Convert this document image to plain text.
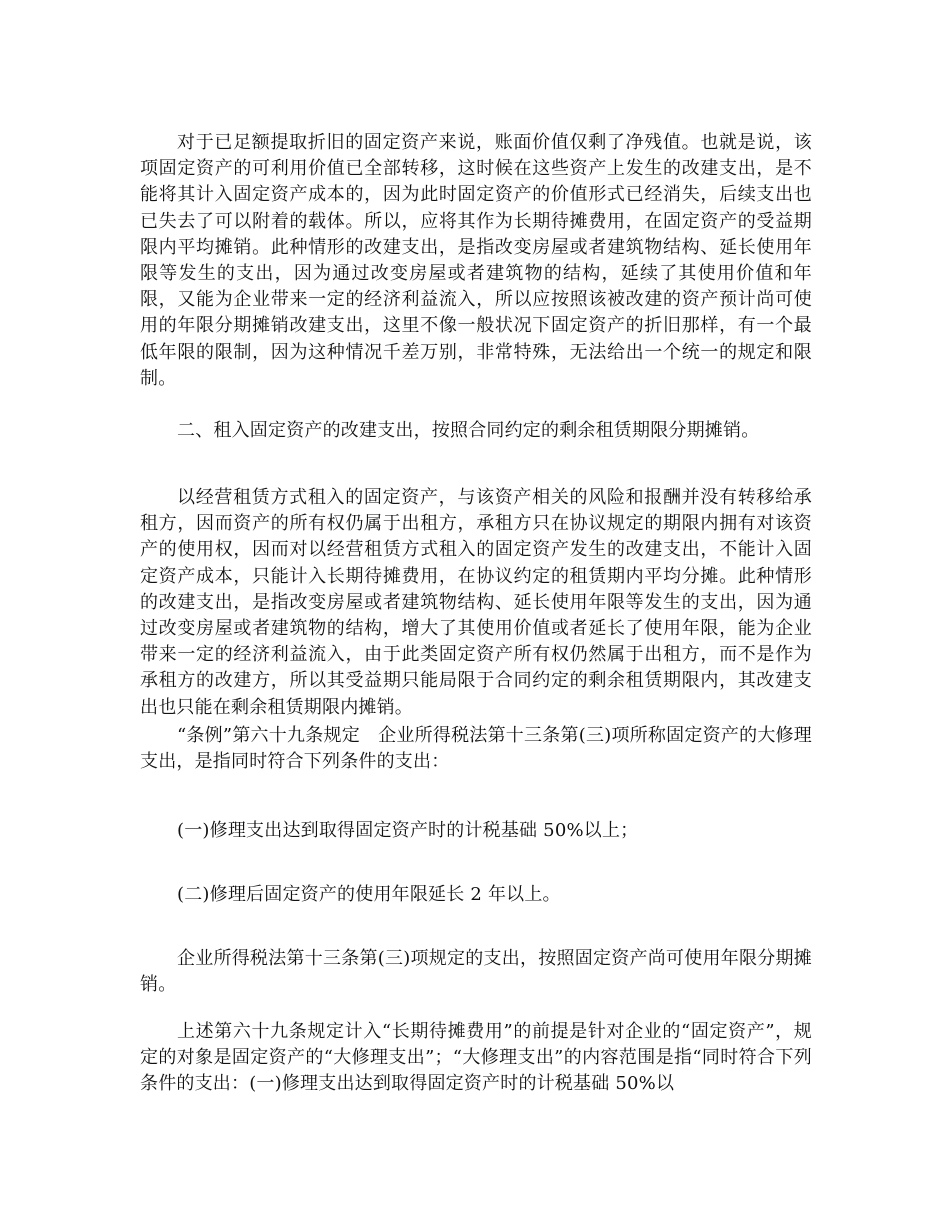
对于已足额提取折旧的固定资产来说，账面价值仅剩了净残值。也就是说，该项固定资产的可利用价值已全部转移，这时候在这些资产上发生的改建支出，是不能将其计入固定资产成本的，因为此时固定资产的价值形式已经消失，后续支出也已失去了可以附着的载体。所以，应将其作为长期待摊费用，在固定资产的受益期限内平均摊销。此种情形的改建支出，是指改变房屋或者建筑物结构、延长使用年限等发生的支出，因为通过改变房屋或者建筑物的结构，延续了其使用价值和年限，又能为企业带来一定的经济利益流入，所以应按照该被改建的资产预计尚可使用的年限分期摊销改建支出，这里不像一般状况下固定资产的折旧那样，有一个最低年限的限制，因为这种情况千差万别，非常特殊，无法给出一个统一的规定和限制。

二、租入固定资产的改建支出，按照合同约定的剩余租赁期限分期摊销。

以经营租赁方式租入的固定资产，与该资产相关的风险和报酬并没有转移给承租方，因而资产的所有权仍属于出租方，承租方只在协议规定的期限内拥有对该资产的使用权，因而对以经营租赁方式租入的固定资产发生的改建支出，不能计入固定资产成本，只能计入长期待摊费用，在协议约定的租赁期内平均分摊。此种情形的改建支出，是指改变房屋或者建筑物结构、延长使用年限等发生的支出，因为通过改变房屋或者建筑物的结构，增大了其使用价值或者延长了使用年限，能为企业带来一定的经济利益流入，由于此类固定资产所有权仍然属于出租方，而不是作为承租方的改建方，所以其受益期只能局限于合同约定的剩余租赁期限内，其改建支出也只能在剩余租赁期限内摊销。

“条例”第六十九条规定　企业所得税法第十三条第(三)项所称固定资产的大修理支出，是指同时符合下列条件的支出：

(一)修理支出达到取得固定资产时的计税基础 50%以上；

(二)修理后固定资产的使用年限延长 2 年以上。

企业所得税法第十三条第(三)项规定的支出，按照固定资产尚可使用年限分期摊销。

上述第六十九条规定计入“长期待摊费用”的前提是针对企业的“固定资产”，规定的对象是固定资产的“大修理支出”；“大修理支出”的内容范围是指“同时符合下列条件的支出：(一)修理支出达到取得固定资产时的计税基础 50%以
